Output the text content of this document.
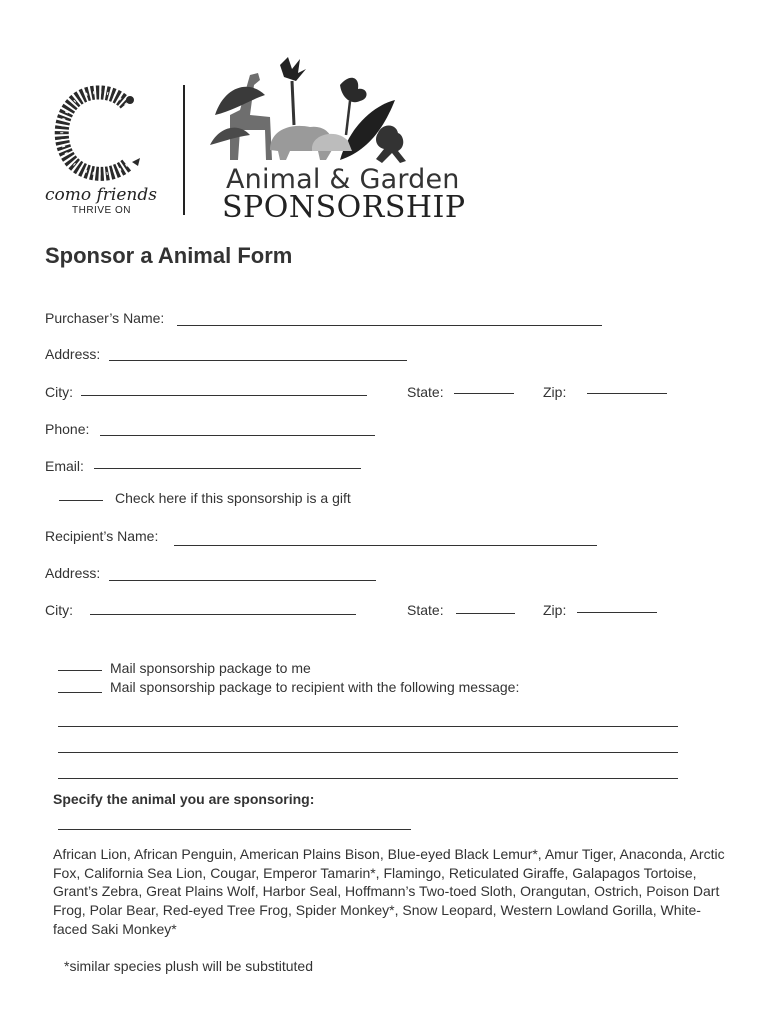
como friends
THRIVE ON
Animal & Garden
SPONSORSHIP
Sponsor a Animal Form
Purchaser’s Name:
Address:
City:	State:	Zip:
Phone:
Email:
Check here if this sponsorship is a gift
Recipient’s Name:
Address:
City:	State:	Zip:
Mail sponsorship package to me
Mail sponsorship package to recipient with the following message:
Specify the animal you are sponsoring:
African Lion, African Penguin, American Plains Bison, Blue-eyed Black Lemur*, Amur Tiger, Anaconda, Arctic Fox, California Sea Lion, Cougar, Emperor Tamarin*, Flamingo, Reticulated Giraffe, Galapagos Tortoise, Grant’s Zebra, Great Plains Wolf, Harbor Seal, Hoffmann’s Two-toed Sloth, Orangutan, Ostrich, Poison Dart Frog, Polar Bear, Red-eyed Tree Frog, Spider Monkey*, Snow Leopard, Western Lowland Gorilla, White-faced Saki Monkey*
*similar species plush will be substituted
